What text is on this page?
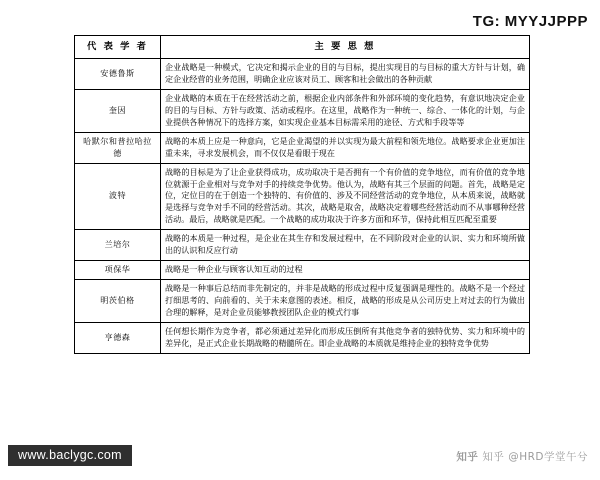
TG: MYYJJPPP
代 表 学 者	主 要 思 想
安德鲁斯	企业战略是一种模式，它决定和揭示企业的目的与目标，提出实现目的与目标的重大方针与计划，确定企业经营的业务范围，明确企业应该对员工、顾客和社会做出的各种贡献
奎因	企业战略的本质在于在经营活动之前，根据企业内部条件和外部环境的变化趋势，有意识地决定企业的目的与目标、方针与政策、活动或程序。在这里，战略作为一种统一、综合、一体化的计划，与企业提供各种情况下的选择方案，如实现企业基本目标需采用的途径、方式和手段等等
哈默尔和普拉哈拉德	战略的本质上应是一种意向，它是企业渴望的并以实现为最大前程和领先地位。战略要求企业更加注重未来，寻求发展机会，而不仅仅是看眼于现在
波特	战略的目标是为了让企业获得成功，成功取决于是否拥有一个有价值的竞争地位，而有价值的竞争地位就源于企业相对与竞争对手的持续竞争优势。他认为，战略有其三个层面的问题。首先，战略是定位，定位目的在于创造一个独特的、有价值的、涉及不同经营活动的竞争地位，从本质来说，战略就是选择与竞争对手不同的经营活动。其次，战略是取舍，战略决定着哪些经营活动而不从事哪种经营活动。最后，战略就是匹配。一个战略的成功取决于许多方面和环节，保持此相互匹配至重要
兰培尔	战略的本质是一种过程，是企业在其生存和发展过程中，在不同阶段对企业的认识、实力和环境所做出的认识和反应行动
项保华	战略是一种企业与顾客认知互动的过程
明茨伯格	战略是一种事后总结而非先制定的，并非是战略的形成过程中反复强调是理性的。战略不是一个经过打细思考的、向前看的、关于未来意图的表述。相反，战略的形成是从公司历史上对过去的行为做出合理的解释，是对企业员能够教授团队企业的模式行事
亨德森	任何想长期作为竞争者，都必须通过差异化而形成压倒所有其他竞争者的独特优势、实力和环境中的差异化，是正式企业长期战略的精髓所在。即企业战略的本质就是维持企业的独特竞争优势
www.baclygc.com	知乎 知乎 @HRD学堂午兮
